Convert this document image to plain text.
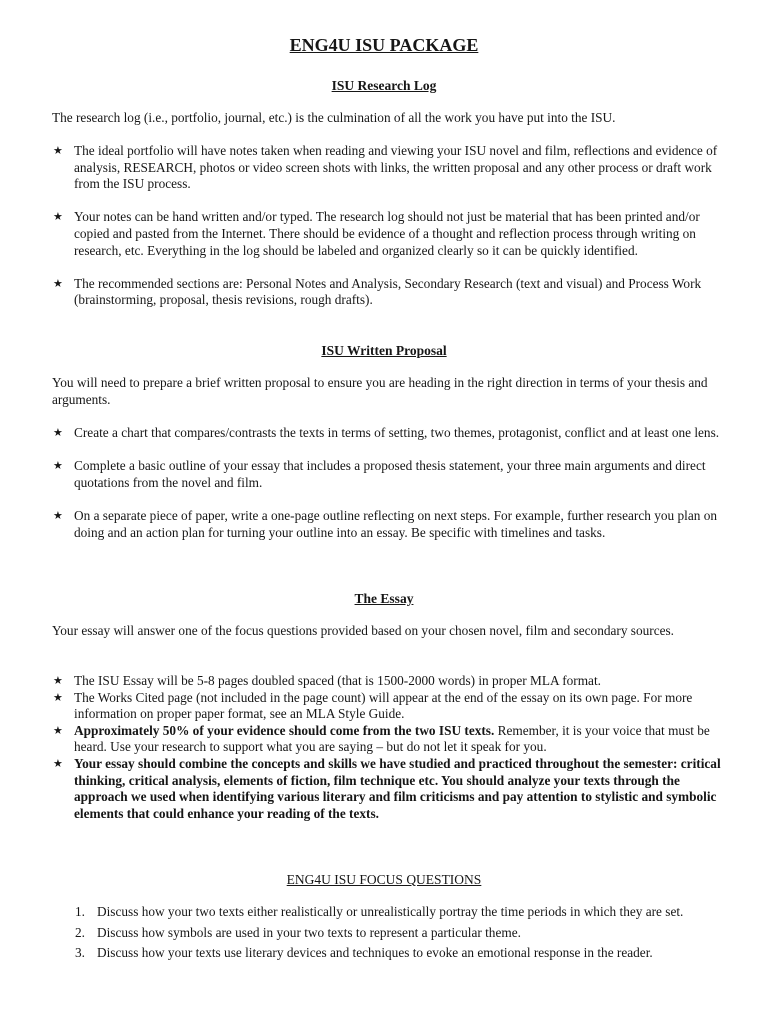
ENG4U ISU PACKAGE
ISU Research Log
The research log (i.e., portfolio, journal, etc.) is the culmination of all the work you have put into the ISU.
★ The ideal portfolio will have notes taken when reading and viewing your ISU novel and film, reflections and evidence of analysis, RESEARCH, photos or video screen shots with links, the written proposal and any other process or draft work from the ISU process.
★ Your notes can be hand written and/or typed. The research log should not just be material that has been printed and/or copied and pasted from the Internet. There should be evidence of a thought and reflection process through writing on research, etc. Everything in the log should be labeled and organized clearly so it can be quickly identified.
★ The recommended sections are: Personal Notes and Analysis, Secondary Research (text and visual) and Process Work (brainstorming, proposal, thesis revisions, rough drafts).
ISU Written Proposal
You will need to prepare a brief written proposal to ensure you are heading in the right direction in terms of your thesis and arguments.
★ Create a chart that compares/contrasts the texts in terms of setting, two themes, protagonist, conflict and at least one lens.
★ Complete a basic outline of your essay that includes a proposed thesis statement, your three main arguments and direct quotations from the novel and film.
★ On a separate piece of paper, write a one-page outline reflecting on next steps. For example, further research you plan on doing and an action plan for turning your outline into an essay. Be specific with timelines and tasks.
The Essay
Your essay will answer one of the focus questions provided based on your chosen novel, film and secondary sources.
★ The ISU Essay will be 5-8 pages doubled spaced (that is 1500-2000 words) in proper MLA format.
★ The Works Cited page (not included in the page count) will appear at the end of the essay on its own page. For more information on proper paper format, see an MLA Style Guide.
★ Approximately 50% of your evidence should come from the two ISU texts. Remember, it is your voice that must be heard. Use your research to support what you are saying – but do not let it speak for you.
★ Your essay should combine the concepts and skills we have studied and practiced throughout the semester: critical thinking, critical analysis, elements of fiction, film technique etc. You should analyze your texts through the approach we used when identifying various literary and film criticisms and pay attention to stylistic and symbolic elements that could enhance your reading of the texts.
ENG4U ISU FOCUS QUESTIONS
1. Discuss how your two texts either realistically or unrealistically portray the time periods in which they are set.
2. Discuss how symbols are used in your two texts to represent a particular theme.
3. Discuss how your texts use literary devices and techniques to evoke an emotional response in the reader.
